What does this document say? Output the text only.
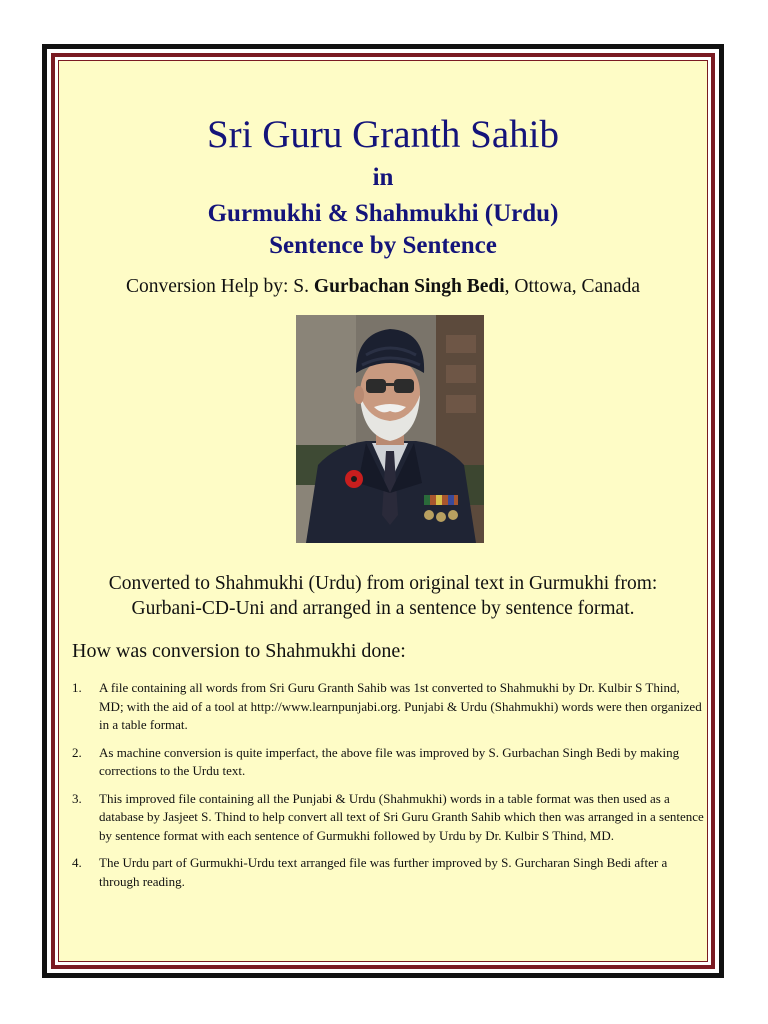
Sri Guru Granth Sahib
in
Gurmukhi & Shahmukhi (Urdu)
Sentence by Sentence
Conversion Help by: S. Gurbachan Singh Bedi, Ottowa, Canada
Converted to Shahmukhi (Urdu) from original text in Gurmukhi from:
Gurbani-CD-Uni and arranged in a sentence by sentence format.
How was conversion to Shahmukhi done:
1. A file containing all words from Sri Guru Granth Sahib was 1st converted to Shahmukhi by Dr. Kulbir S Thind, MD; with the aid of a tool at http://www.learnpunjabi.org. Punjabi & Urdu (Shahmukhi) words were then organized in a table format.
2. As machine conversion is quite imperfact, the above file was improved by S. Gurbachan Singh Bedi by making corrections to the Urdu text.
3. This improved file containing all the Punjabi & Urdu (Shahmukhi) words in a table format was then used as a database by Jasjeet S. Thind to help convert all text of Sri Guru Granth Sahib which then was arranged in a sentence by sentence format with each sentence of Gurmukhi followed by Urdu by Dr. Kulbir S Thind, MD.
4. The Urdu part of Gurmukhi-Urdu text arranged file was further improved by S. Gurcharan Singh Bedi after a through reading.
